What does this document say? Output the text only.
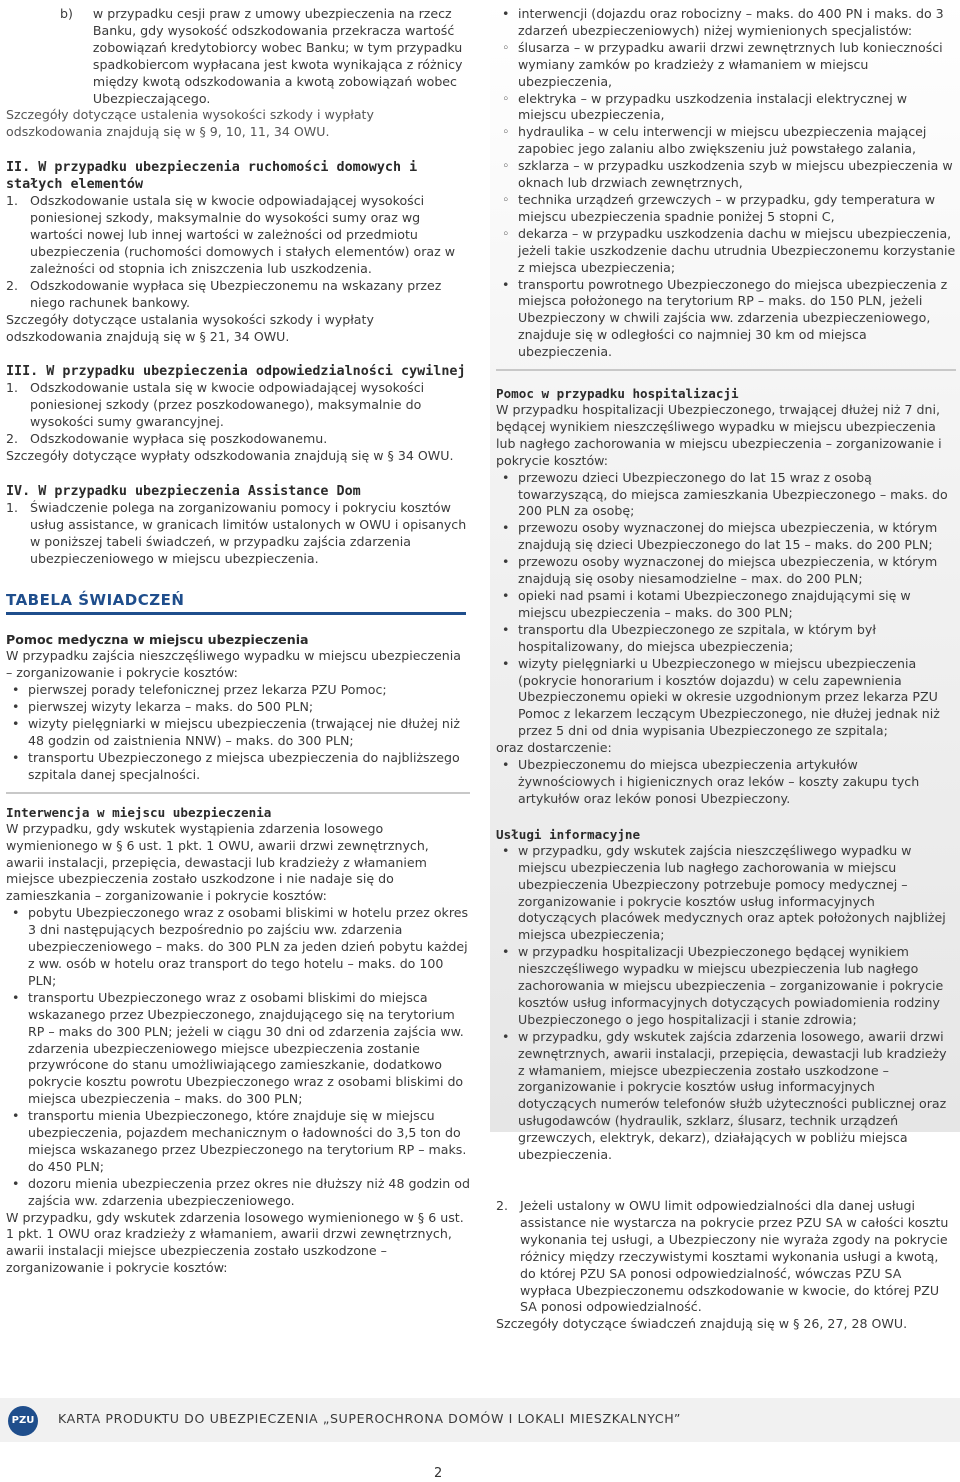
b)	w przypadku cesji praw z umowy ubezpieczenia na rzecz Banku, gdy wysokość odszkodowania przekracza wartość zobowiązań kredytobiorcy wobec Banku; w tym przypadku spadkobiercom wypłacana jest kwota wynikająca z różnicy między kwotą odszkodowania a kwotą zobowiązań wobec Ubezpieczającego.

Szczegóły dotyczące ustalenia wysokości szkody i wypłaty odszkodowania znajdują się w § 9, 10, 11, 34 OWU.

II. W przypadku ubezpieczenia ruchomości domowych i stałych elementów
1. Odszkodowanie ustala się w kwocie odpowiadającej wysokości poniesionej szkody, maksymalnie do wysokości sumy oraz wg wartości nowej lub innej wartości w zależności od przedmiotu ubezpieczenia (ruchomości domowych i stałych elementów) oraz w zależności od stopnia ich zniszczenia lub uszkodzenia.
2. Odszkodowanie wypłaca się Ubezpieczonemu na wskazany przez niego rachunek bankowy.

Szczegóły dotyczące ustalania wysokości szkody i wypłaty odszkodowania znajdują się w § 21, 34 OWU.

III. W przypadku ubezpieczenia odpowiedzialności cywilnej
1. Odszkodowanie ustala się w kwocie odpowiadającej wysokości poniesionej szkody (przez poszkodowanego), maksymalnie do wysokości sumy gwarancyjnej.
2. Odszkodowanie wypłaca się poszkodowanemu.

Szczegóły dotyczące wypłaty odszkodowania znajdują się w § 34 OWU.

IV. W przypadku ubezpieczenia Assistance Dom
1. Świadczenie polega na zorganizowaniu pomocy i pokryciu kosztów usług assistance, w granicach limitów ustalonych w OWU i opisanych w poniższej tabeli świadczeń, w przypadku zajścia zdarzenia ubezpieczeniowego w miejscu ubezpieczenia.
TABELA ŚWIADCZEŃ
Pomoc medyczna w miejscu ubezpieczenia

W przypadku zajścia nieszczęśliwego wypadku w miejscu ubezpieczenia – zorganizowanie i pokrycie kosztów:

• pierwszej porady telefonicznej przez lekarza PZU Pomoc;
• pierwszej wizyty lekarza – maks. do 500 PLN;
• wizyty pielęgniarki w miejscu ubezpieczenia (trwającej nie dłużej niż 48 godzin od zaistnienia NNW) – maks. do 300 PLN;
• transportu Ubezpieczonego z miejsca ubezpieczenia do najbliższego szpitala danej specjalności.
Interwencja w miejscu ubezpieczenia

W przypadku, gdy wskutek wystąpienia zdarzenia losowego wymienionego w § 6 ust. 1 pkt. 1 OWU, awarii drzwi zewnętrznych, awarii instalacji, przepięcia, dewastacji lub kradzieży z włamaniem miejsce ubezpieczenia zostało uszkodzone i nie nadaje się do zamieszkania – zorganizowanie i pokrycie kosztów:

• pobytu Ubezpieczonego wraz z osobami bliskimi w hotelu przez okres 3 dni następujących bezpośrednio po zajściu ww. zdarzenia ubezpieczeniowego – maks. do 300 PLN za jeden dzień pobytu każdej z ww. osób w hotelu oraz transport do tego hotelu – maks. do 100 PLN;
• transportu Ubezpieczonego wraz z osobami bliskimi do miejsca wskazanego przez Ubezpieczonego, znajdującego się na terytorium RP – maks do 300 PLN; jeżeli w ciągu 30 dni od zdarzenia zajścia ww. zdarzenia ubezpieczeniowego miejsce ubezpieczenia zostanie przywrócone do stanu umożliwiającego zamieszkanie, dodatkowo pokrycie kosztu powrotu Ubezpieczonego wraz z osobami bliskimi do miejsca ubezpieczenia – maks. do 300 PLN;
• transportu mienia Ubezpieczonego, które znajduje się w miejscu ubezpieczenia, pojazdem mechanicznym o ładowności do 3,5 ton do miejsca wskazanego przez Ubezpieczonego na terytorium RP – maks. do 450 PLN;
• dozoru mienia ubezpieczenia przez okres nie dłuższy niż 48 godzin od zajścia ww. zdarzenia ubezpieczeniowego.

W przypadku, gdy wskutek zdarzenia losowego wymienionego w § 6 ust. 1 pkt. 1 OWU oraz kradzieży z włamaniem, awarii drzwi zewnętrznych, awarii instalacji miejsce ubezpieczenia zostało uszkodzone – zorganizowanie i pokrycie kosztów:

• interwencji (dojazdu oraz robocizny – maks. do 400 PN i maks. do 3 zdarzeń ubezpieczeniowych) niżej wymienionych specjalistów:
◦ ślusarza – w przypadku awarii drzwi zewnętrznych lub konieczności wymiany zamków po kradzieży z włamaniem w miejscu ubezpieczenia,
◦ elektryka – w przypadku uszkodzenia instalacji elektrycznej w miejscu ubezpieczenia,
◦ hydraulika – w celu interwencji w miejscu ubezpieczenia mającej zapobiec jego zalaniu albo zwiększeniu już powstałego zalania,
◦ szklarza – w przypadku uszkodzenia szyb w miejscu ubezpieczenia w oknach lub drzwiach zewnętrznych,
◦ technika urządzeń grzewczych – w przypadku, gdy temperatura w miejscu ubezpieczenia spadnie poniżej 5 stopni C,
◦ dekarza – w przypadku uszkodzenia dachu w miejscu ubezpieczenia, jeżeli takie uszkodzenie dachu utrudnia Ubezpieczonemu korzystanie z miejsca ubezpieczenia;
• transportu powrotnego Ubezpieczonego do miejsca ubezpieczenia z miejsca położonego na terytorium RP – maks. do 150 PLN, jeżeli Ubezpieczony w chwili zajścia ww. zdarzenia ubezpieczeniowego, znajduje się w odległości co najmniej 30 km od miejsca ubezpieczenia.
Pomoc w przypadku hospitalizacji

W przypadku hospitalizacji Ubezpieczonego, trwającej dłużej niż 7 dni, będącej wynikiem nieszczęśliwego wypadku w miejscu ubezpieczenia lub nagłego zachorowania w miejscu ubezpieczenia – zorganizowanie i pokrycie kosztów:

• przewozu dzieci Ubezpieczonego do lat 15 wraz z osobą towarzyszącą, do miejsca zamieszkania Ubezpieczonego – maks. do 200 PLN za osobę;
• przewozu osoby wyznaczonej do miejsca ubezpieczenia, w którym znajdują się dzieci Ubezpieczonego do lat 15 – maks. do 200 PLN;
• przewozu osoby wyznaczonej do miejsca ubezpieczenia, w którym znajdują się osoby niesamodzielne – max. do 200 PLN;
• opieki nad psami i kotami Ubezpieczonego znajdującymi się w miejscu ubezpieczenia – maks. do 300 PLN;
• transportu dla Ubezpieczonego ze szpitala, w którym był hospitalizowany, do miejsca ubezpieczenia;
• wizyty pielęgniarki u Ubezpieczonego w miejscu ubezpieczenia (pokrycie honorarium i kosztów dojazdu) w celu zapewnienia Ubezpieczonemu opieki w okresie uzgodnionym przez lekarza PZU Pomoc z lekarzem leczącym Ubezpieczonego, nie dłużej jednak niż przez 5 dni od dnia wypisania Ubezpieczonego ze szpitala;

oraz dostarczenie:

• Ubezpieczonemu do miejsca ubezpieczenia artykułów żywnościowych i higienicznych oraz leków – koszty zakupu tych artykułów oraz leków ponosi Ubezpieczony.
Usługi informacyjne
• w przypadku, gdy wskutek zajścia nieszczęśliwego wypadku w miejscu ubezpieczenia lub nagłego zachorowania w miejscu ubezpieczenia Ubezpieczony potrzebuje pomocy medycznej – zorganizowanie i pokrycie kosztów usług informacyjnych dotyczących placówek medycznych oraz aptek położonych najbliżej miejsca ubezpieczenia;
• w przypadku hospitalizacji Ubezpieczonego będącej wynikiem nieszczęśliwego wypadku w miejscu ubezpieczenia lub nagłego zachorowania w miejscu ubezpieczenia – zorganizowanie i pokrycie kosztów usług informacyjnych dotyczących powiadomienia rodziny Ubezpieczonego o jego hospitalizacji i stanie zdrowia;
• w przypadku, gdy wskutek zajścia zdarzenia losowego, awarii drzwi zewnętrznych, awarii instalacji, przepięcia, dewastacji lub kradzieży z włamaniem, miejsce ubezpieczenia zostało uszkodzone – zorganizowanie i pokrycie kosztów usług informacyjnych dotyczących numerów telefonów służb użyteczności publicznej oraz usługodawców (hydraulik, szklarz, ślusarz, technik urządzeń grzewczych, elektryk, dekarz), działających w pobliżu miejsca ubezpieczenia.
2. Jeżeli ustalony w OWU limit odpowiedzialności dla danej usługi assistance nie wystarcza na pokrycie przez PZU SA w całości kosztu wykonania tej usługi, a Ubezpieczony nie wyraża zgody na pokrycie różnicy między rzeczywistymi kosztami wykonania usługi a kwotą, do której PZU SA ponosi odpowiedzialność, wówczas PZU SA wypłaca Ubezpieczonemu odszkodowanie w kwocie, do której PZU SA ponosi odpowiedzialność.

Szczegóły dotyczące świadczeń znajdują się w § 26, 27, 28 OWU.

PZU KARTA PRODUKTU DO UBEZPIECZENIA „SUPEROCHRONA DOMÓW I LOKALI MIESZKALNYCH”
2
